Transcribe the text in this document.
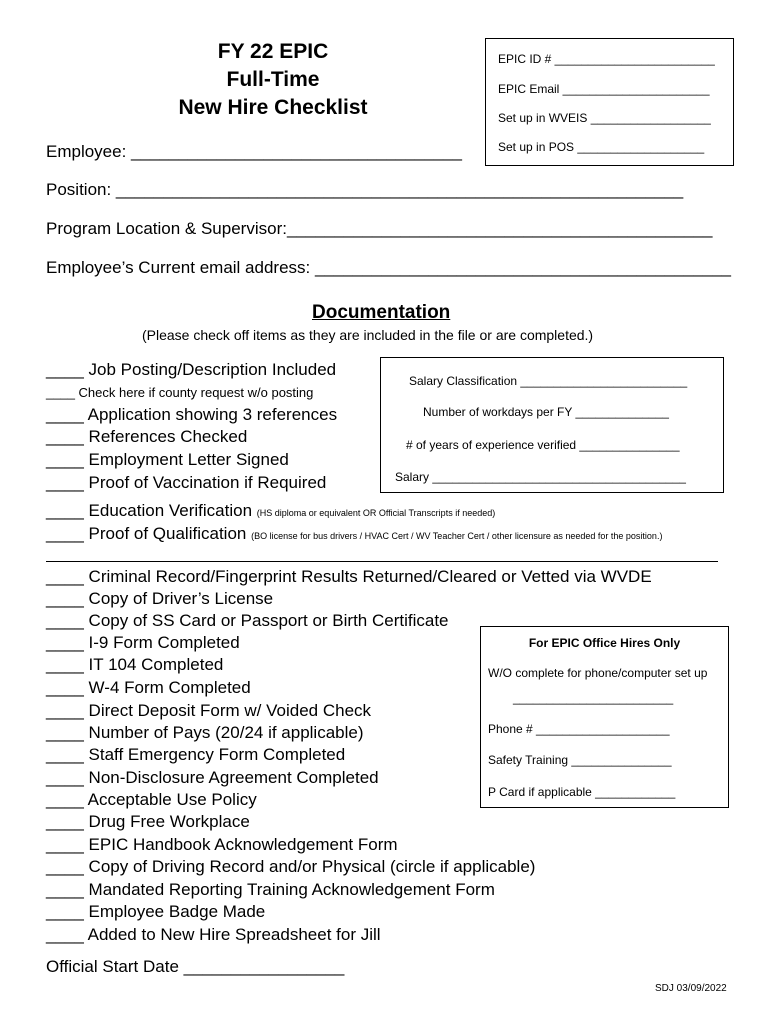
FY 22 EPIC
Full-Time
New Hire Checklist
EPIC ID # ________________________
EPIC Email ______________________
Set up in WVEIS __________________
Set up in POS ___________________
Employee: ___________________________________
Position: ____________________________________________________________
Program Location & Supervisor:_____________________________________________
Employee’s Current email address: ____________________________________________
Documentation
(Please check off items as they are included in the file or are completed.)
____ Job Posting/Description Included
____ Check here if county request w/o posting
____ Application showing 3 references
____ References Checked
____ Employment Letter Signed
____ Proof of Vaccination if Required
Salary Classification _________________________
Number of workdays per FY ______________
# of years of experience verified _______________
Salary ______________________________________
____ Education Verification (HS diploma or equivalent OR Official Transcripts if needed)
____ Proof of Qualification (BO license for bus drivers / HVAC Cert / WV Teacher Cert / other licensure as needed for the position.)
____ Criminal Record/Fingerprint Results Returned/Cleared or Vetted via WVDE
____ Copy of Driver’s License
____ Copy of SS Card or Passport or Birth Certificate
____ I-9 Form Completed
____ IT 104 Completed
____ W-4 Form Completed
____ Direct Deposit Form w/ Voided Check
____ Number of Pays (20/24 if applicable)
____ Staff Emergency Form Completed
____ Non-Disclosure Agreement Completed
____ Acceptable Use Policy
____ Drug Free Workplace
____ EPIC Handbook Acknowledgement Form
____ Copy of Driving Record and/or Physical (circle if applicable)
____ Mandated Reporting Training Acknowledgement Form
____ Employee Badge Made
____ Added to New Hire Spreadsheet for Jill
For EPIC Office Hires Only
W/O complete for phone/computer set up
________________________
Phone # ____________________
Safety Training _______________
P Card if applicable ____________
Official Start Date _________________
SDJ 03/09/2022
